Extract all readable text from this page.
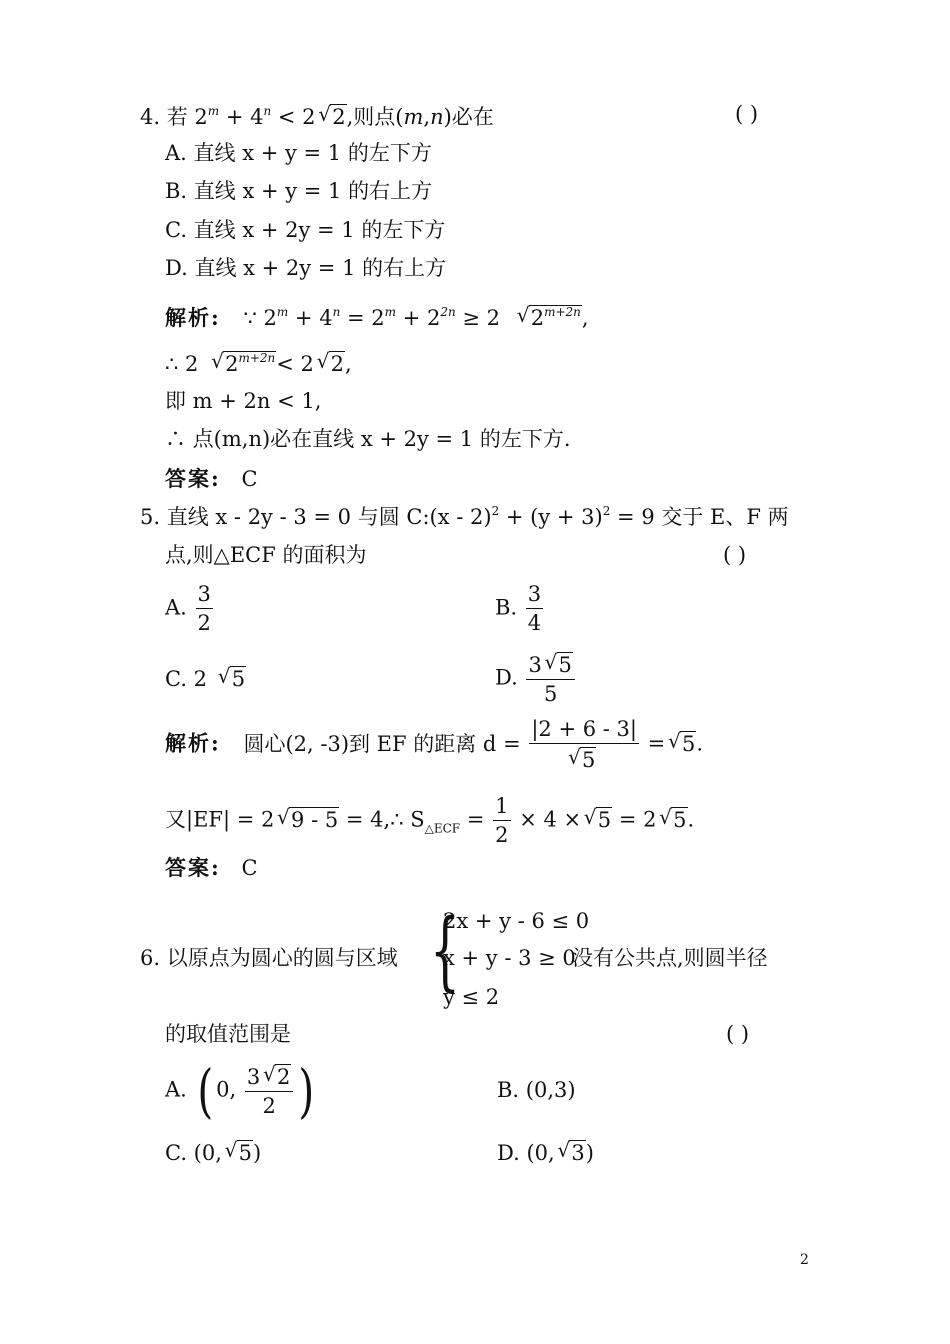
4. 若 $2^m + 4^n < 2$ √ 2,则点(m,n)必在	( )
A. 直线 x + y = 1 的左下方
B. 直线 x + y = 1 的右上方
C. 直线 x + 2y = 1 的左下方
D. 直线 x + 2y = 1 的右上方
解析: ∵ $2^m + 4^n = 2^m + 2^{2n} \ge 2$ √ $2^{m+2n}$,
∴ 2 √ $2^{m+2n}< 2$ √ 2,
即 m + 2n < 1,
∴ 点(m,n)必在直线 x + 2y = 1 的左下方.
答案: C
5. 直线 x - 2y - 3 = 0 与圆 C:(x - $2)^2 + (y + 3)^2 = 9$ 交于 E、F 两
点,则△ECF 的面积为	( )
A. $\frac{3}{2}$	B. $\frac{3}{4}$
C. 2 √ 5	D. $\frac{3 √ 5}{5}$
解析: 圆心(2, -3)到 EF 的距离 d = |2 + 6 - 3|
√ 5 = √ 5.
又|EF| = 2 √ 9 - 5 = 4,∴ $S_{\triangle ECF} = \frac{1}{2} \times 4$ × √ 5 = 2 √ 5.
答案: C
6. 以原点为圆心的圆与区域 {
2x + y - 6 ≤ 0
x + y - 3 ≥ 0
y ≤ 2
没有公共点,则圆半径
的取值范围是	( )
A. ( 0, $\frac{3 √ 2}{2}$ )	B. (0,3)
C. (0, √ 5)	D. (0, √ 3)
2
